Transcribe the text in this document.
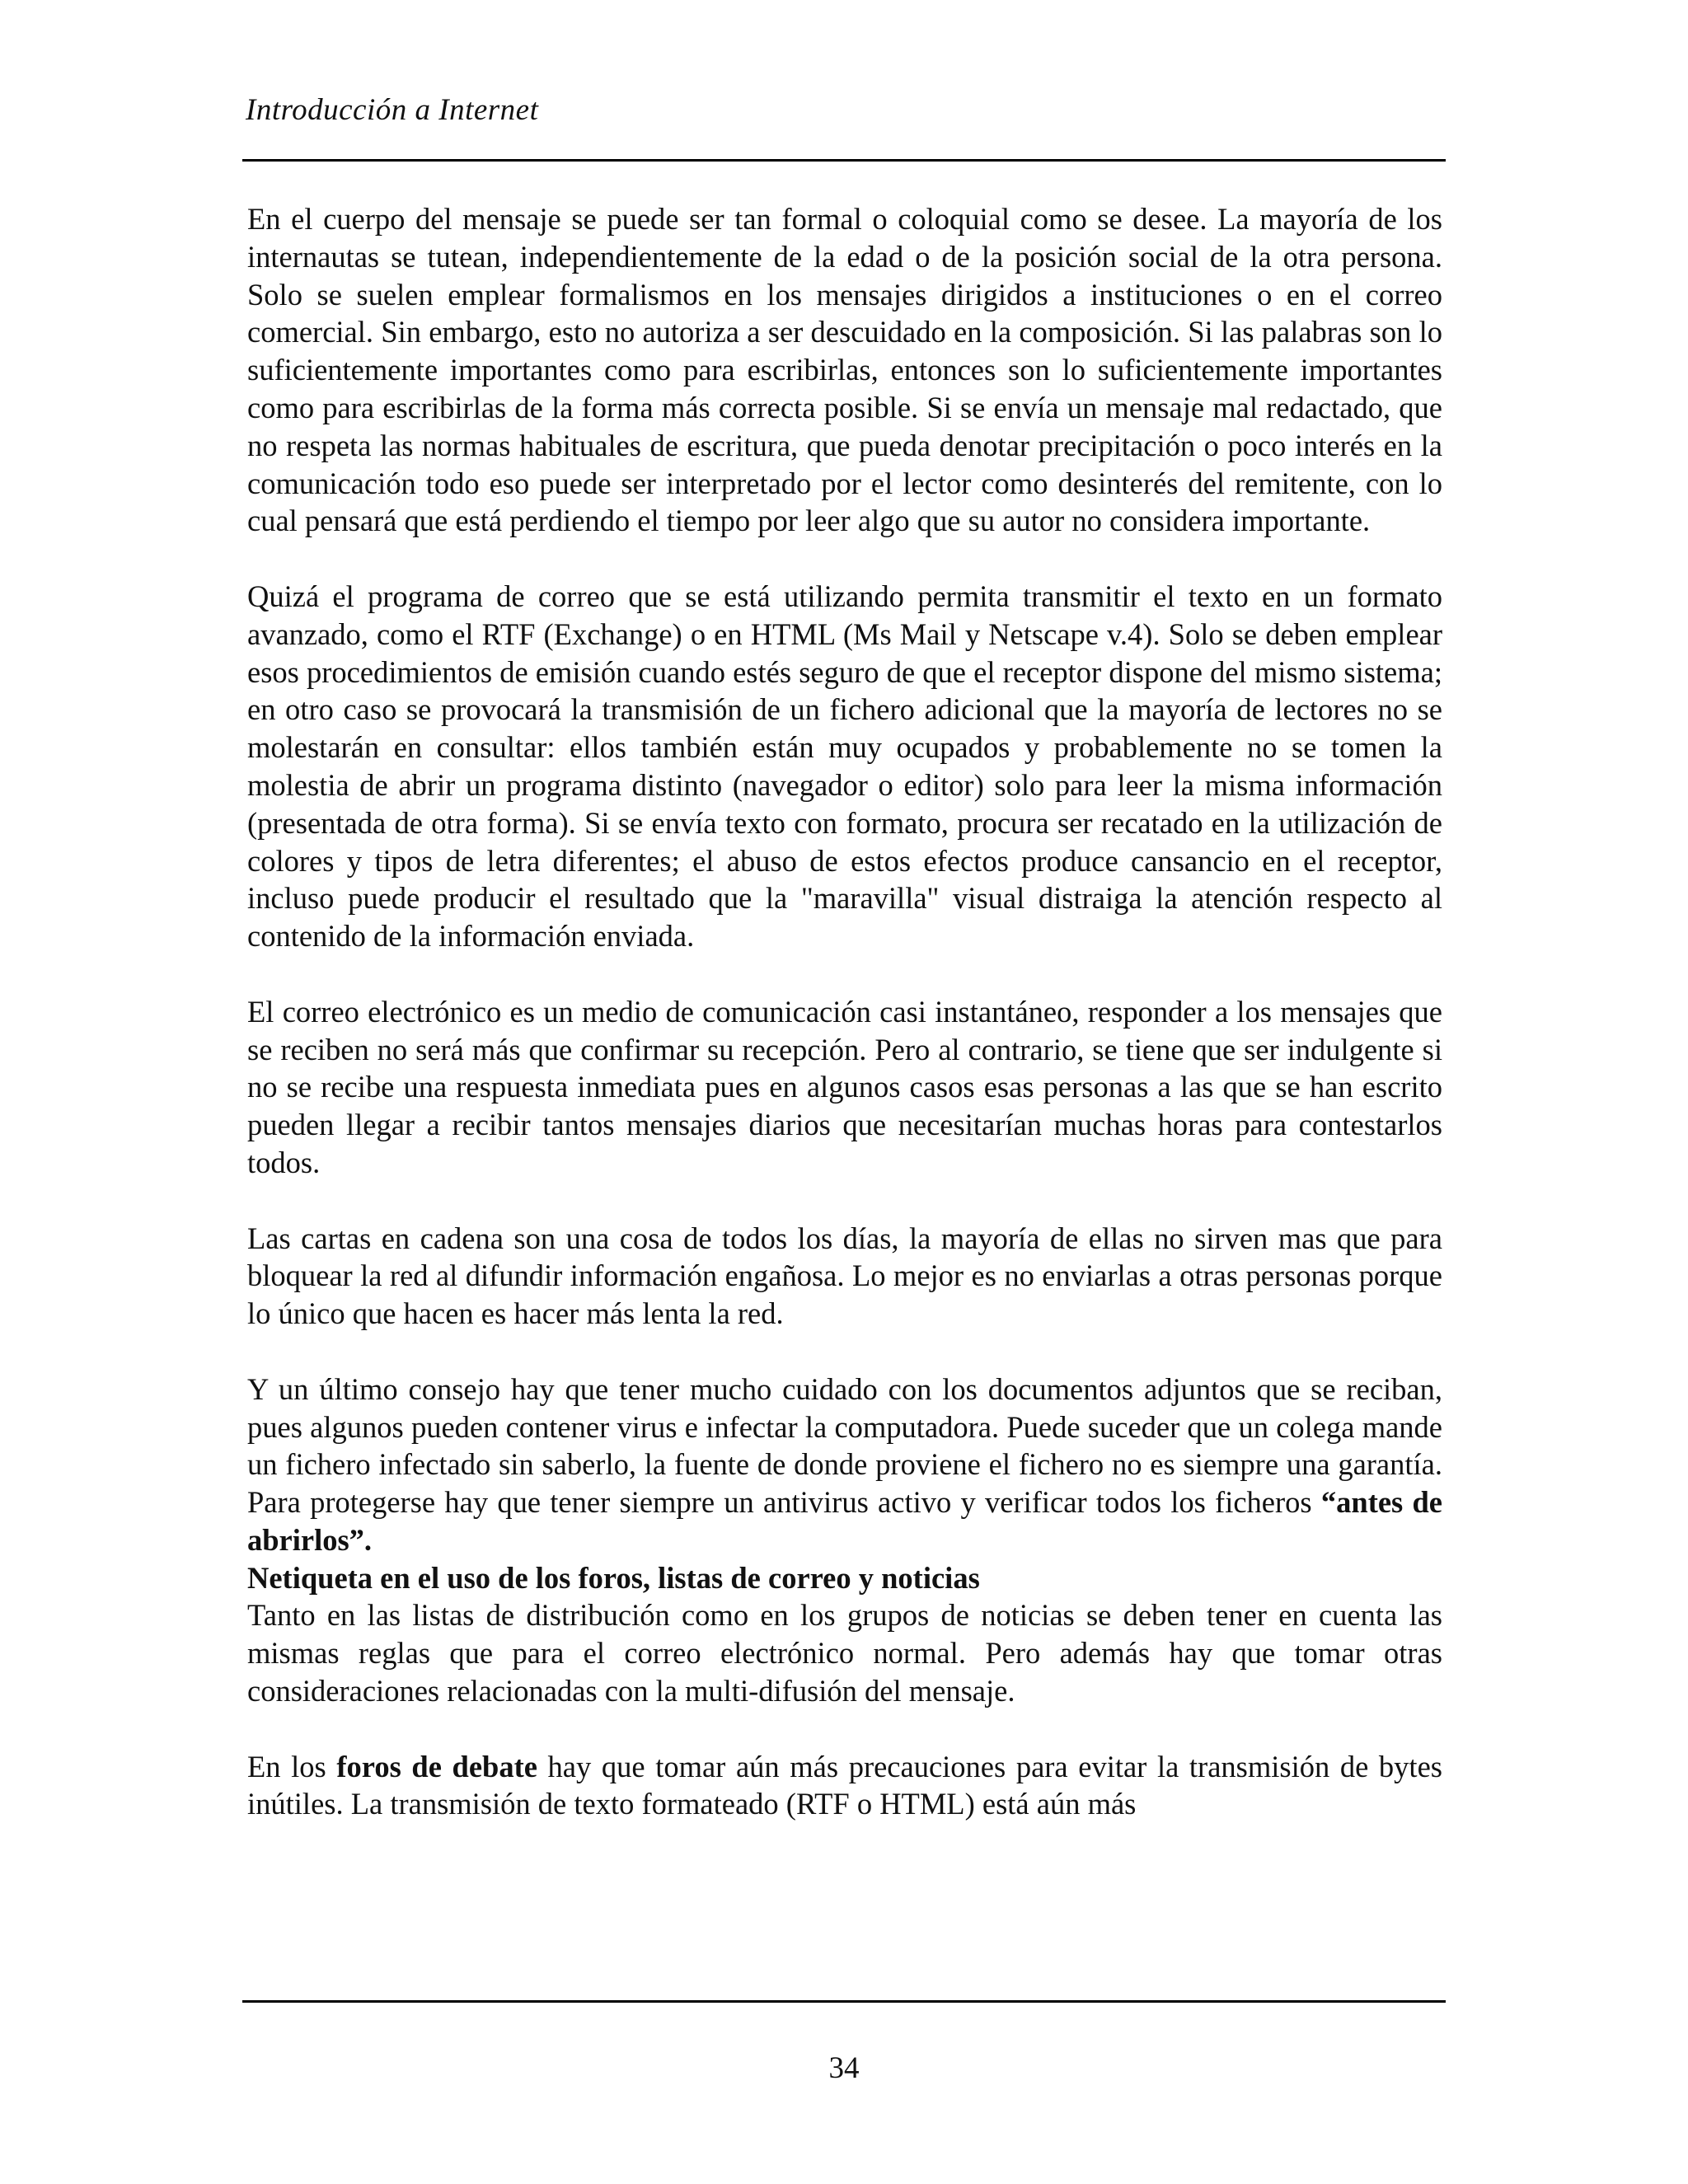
Introducción a Internet

En el cuerpo del mensaje se puede ser tan formal o coloquial como se desee. La mayoría de los internautas se tutean, independientemente de la edad o de la posición social de la otra persona. Solo se suelen emplear formalismos en los mensajes dirigidos a instituciones o en el correo comercial. Sin embargo, esto no autoriza a ser descuidado en la composición. Si las palabras son lo suficientemente importantes como para escribirlas, entonces son lo suficientemente importantes como para escribirlas de la forma más correcta posible. Si se envía un mensaje mal redactado, que no respeta las normas habituales de escritura, que pueda denotar precipitación o poco interés en la comunicación todo eso puede ser interpretado por el lector como desinterés del remitente, con lo cual pensará que está perdiendo el tiempo por leer algo que su autor no considera importante.

Quizá el programa de correo que se está utilizando permita transmitir el texto en un formato avanzado, como el RTF (Exchange) o en HTML (Ms Mail y Netscape v.4). Solo se deben emplear esos procedimientos de emisión cuando estés seguro de que el receptor dispone del mismo sistema; en otro caso se provocará la transmisión de un fichero adicional que la mayoría de lectores no se molestarán en consultar: ellos también están muy ocupados y probablemente no se tomen la molestia de abrir un programa distinto (navegador o editor) solo para leer la misma información (presentada de otra forma). Si se envía texto con formato, procura ser recatado en la utilización de colores y tipos de letra diferentes; el abuso de estos efectos produce cansancio en el receptor, incluso puede producir el resultado que la "maravilla" visual distraiga la atención respecto al contenido de la información enviada.

El correo electrónico es un medio de comunicación casi instantáneo, responder a los mensajes que se reciben no será más que confirmar su recepción. Pero al contrario, se tiene que ser indulgente si no se recibe una respuesta inmediata pues en algunos casos esas personas a las que se han escrito pueden llegar a recibir tantos mensajes diarios que necesitarían muchas horas para contestarlos todos.

Las cartas en cadena son una cosa de todos los días, la mayoría de ellas no sirven mas que para bloquear la red al difundir información engañosa. Lo mejor es no enviarlas a otras personas porque lo único que hacen es hacer más lenta la red.

Y un último consejo hay que tener mucho cuidado con los documentos adjuntos que se reciban, pues algunos pueden contener virus e infectar la computadora. Puede suceder que un colega mande un fichero infectado sin saberlo, la fuente de donde proviene el fichero no es siempre una garantía. Para protegerse hay que tener siempre un antivirus activo y verificar todos los ficheros “antes de abrirlos”.

Netiqueta en el uso de los foros, listas de correo y noticias

Tanto en las listas de distribución como en los grupos de noticias se deben tener en cuenta las mismas reglas que para el correo electrónico normal. Pero además hay que tomar otras consideraciones relacionadas con la multi-difusión del mensaje.

En los foros de debate hay que tomar aún más precauciones para evitar la transmisión de bytes inútiles. La transmisión de texto formateado (RTF o HTML) está aún más

34
